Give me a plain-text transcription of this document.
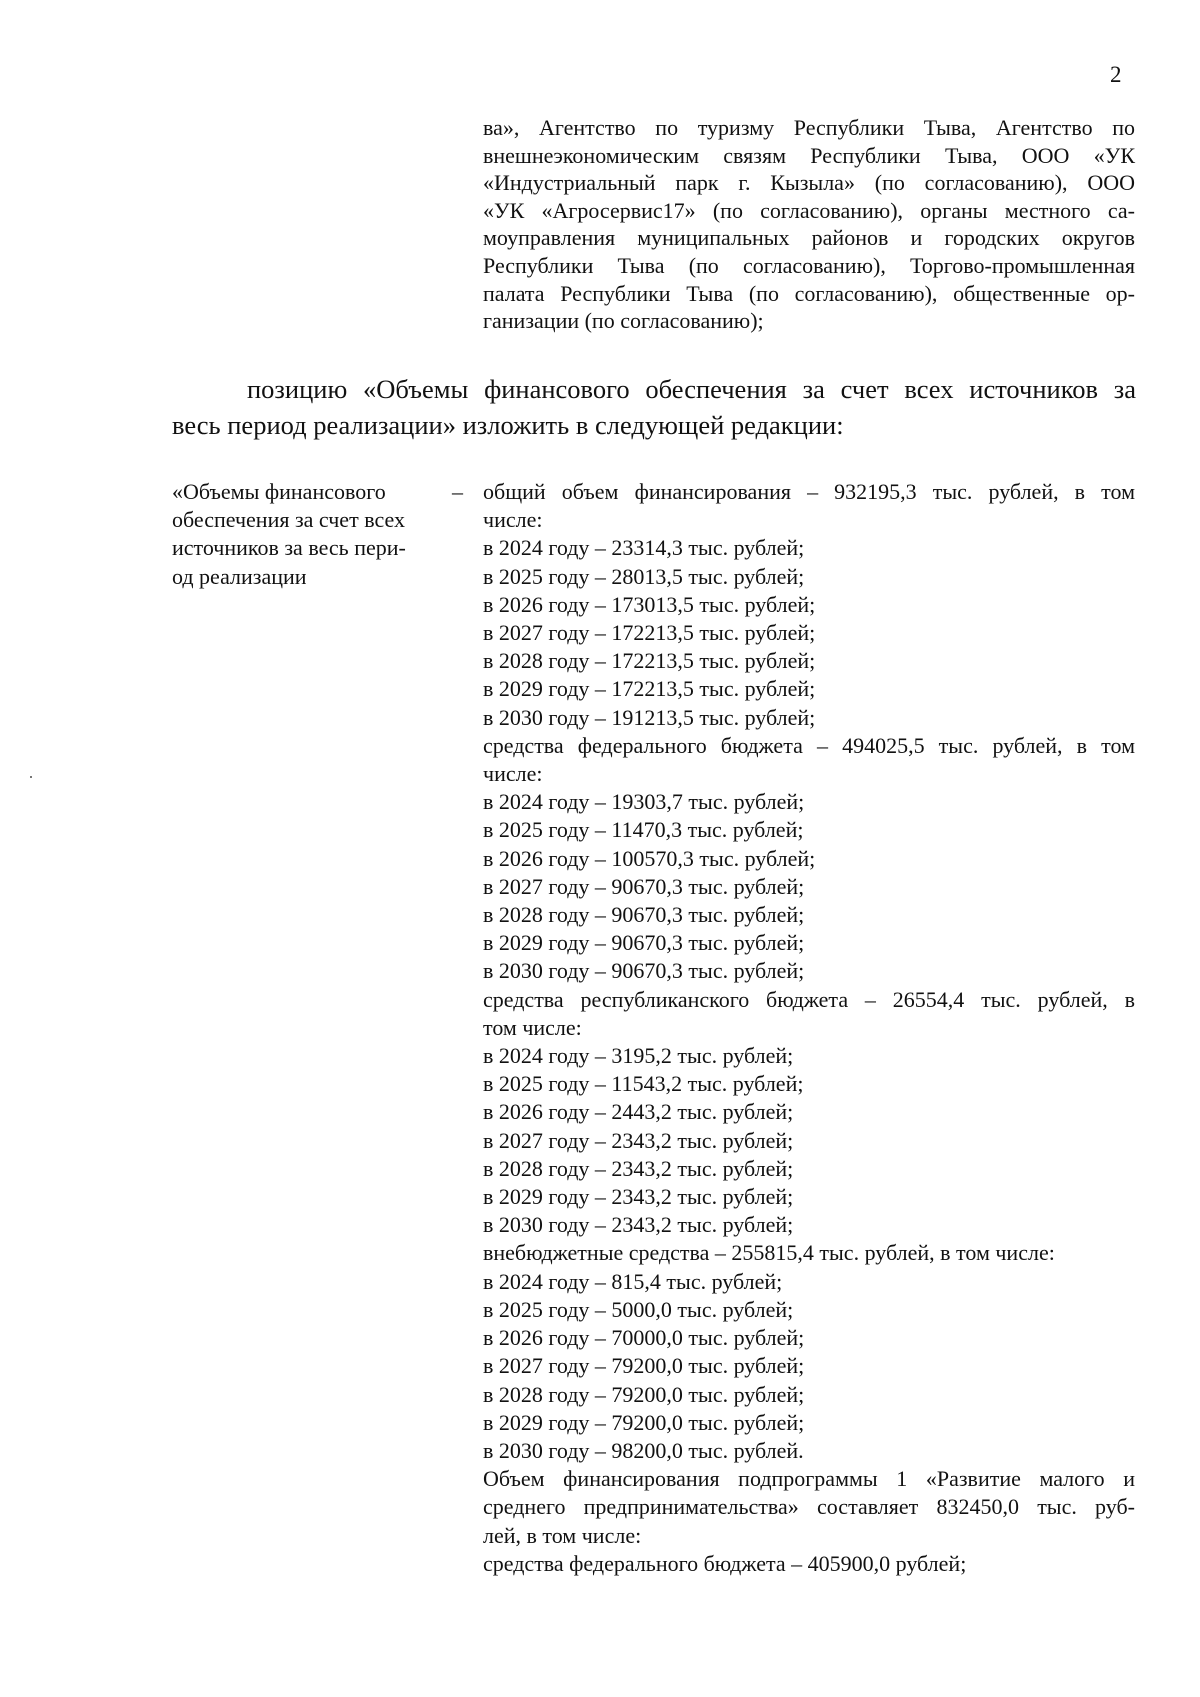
2
ва», Агентство по туризму Республики Тыва, Агентство по
внешнеэкономическим связям Республики Тыва, ООО «УК
«Индустриальный парк г. Кызыла» (по согласованию), ООО
«УК «Агросервис17» (по согласованию), органы местного са-
моуправления муниципальных районов и городских округов
Республики Тыва (по согласованию), Торгово-промышленная
палата Республики Тыва (по согласованию), общественные ор-
ганизации (по согласованию);
позицию «Объемы финансового обеспечения за счет всех источников за
весь период реализации» изложить в следующей редакции:
«Объемы финансового
обеспечения за счет всех
источников за весь пери-
од реализации
– общий объем финансирования – 932195,3 тыс. рублей, в том
числе:
в 2024 году – 23314,3 тыс. рублей;
в 2025 году – 28013,5 тыс. рублей;
в 2026 году – 173013,5 тыс. рублей;
в 2027 году – 172213,5 тыс. рублей;
в 2028 году – 172213,5 тыс. рублей;
в 2029 году – 172213,5 тыс. рублей;
в 2030 году – 191213,5 тыс. рублей;
средства федерального бюджета – 494025,5 тыс. рублей, в том
числе:
в 2024 году – 19303,7 тыс. рублей;
в 2025 году – 11470,3 тыс. рублей;
в 2026 году – 100570,3 тыс. рублей;
в 2027 году – 90670,3 тыс. рублей;
в 2028 году – 90670,3 тыс. рублей;
в 2029 году – 90670,3 тыс. рублей;
в 2030 году – 90670,3 тыс. рублей;
средства республиканского бюджета – 26554,4 тыс. рублей, в
том числе:
в 2024 году – 3195,2 тыс. рублей;
в 2025 году – 11543,2 тыс. рублей;
в 2026 году – 2443,2 тыс. рублей;
в 2027 году – 2343,2 тыс. рублей;
в 2028 году – 2343,2 тыс. рублей;
в 2029 году – 2343,2 тыс. рублей;
в 2030 году – 2343,2 тыс. рублей;
внебюджетные средства – 255815,4 тыс. рублей, в том числе:
в 2024 году – 815,4 тыс. рублей;
в 2025 году – 5000,0 тыс. рублей;
в 2026 году – 70000,0 тыс. рублей;
в 2027 году – 79200,0 тыс. рублей;
в 2028 году – 79200,0 тыс. рублей;
в 2029 году – 79200,0 тыс. рублей;
в 2030 году – 98200,0 тыс. рублей.
Объем финансирования подпрограммы 1 «Развитие малого и
среднего предпринимательства» составляет 832450,0 тыс. руб-
лей, в том числе:
средства федерального бюджета – 405900,0 рублей;
